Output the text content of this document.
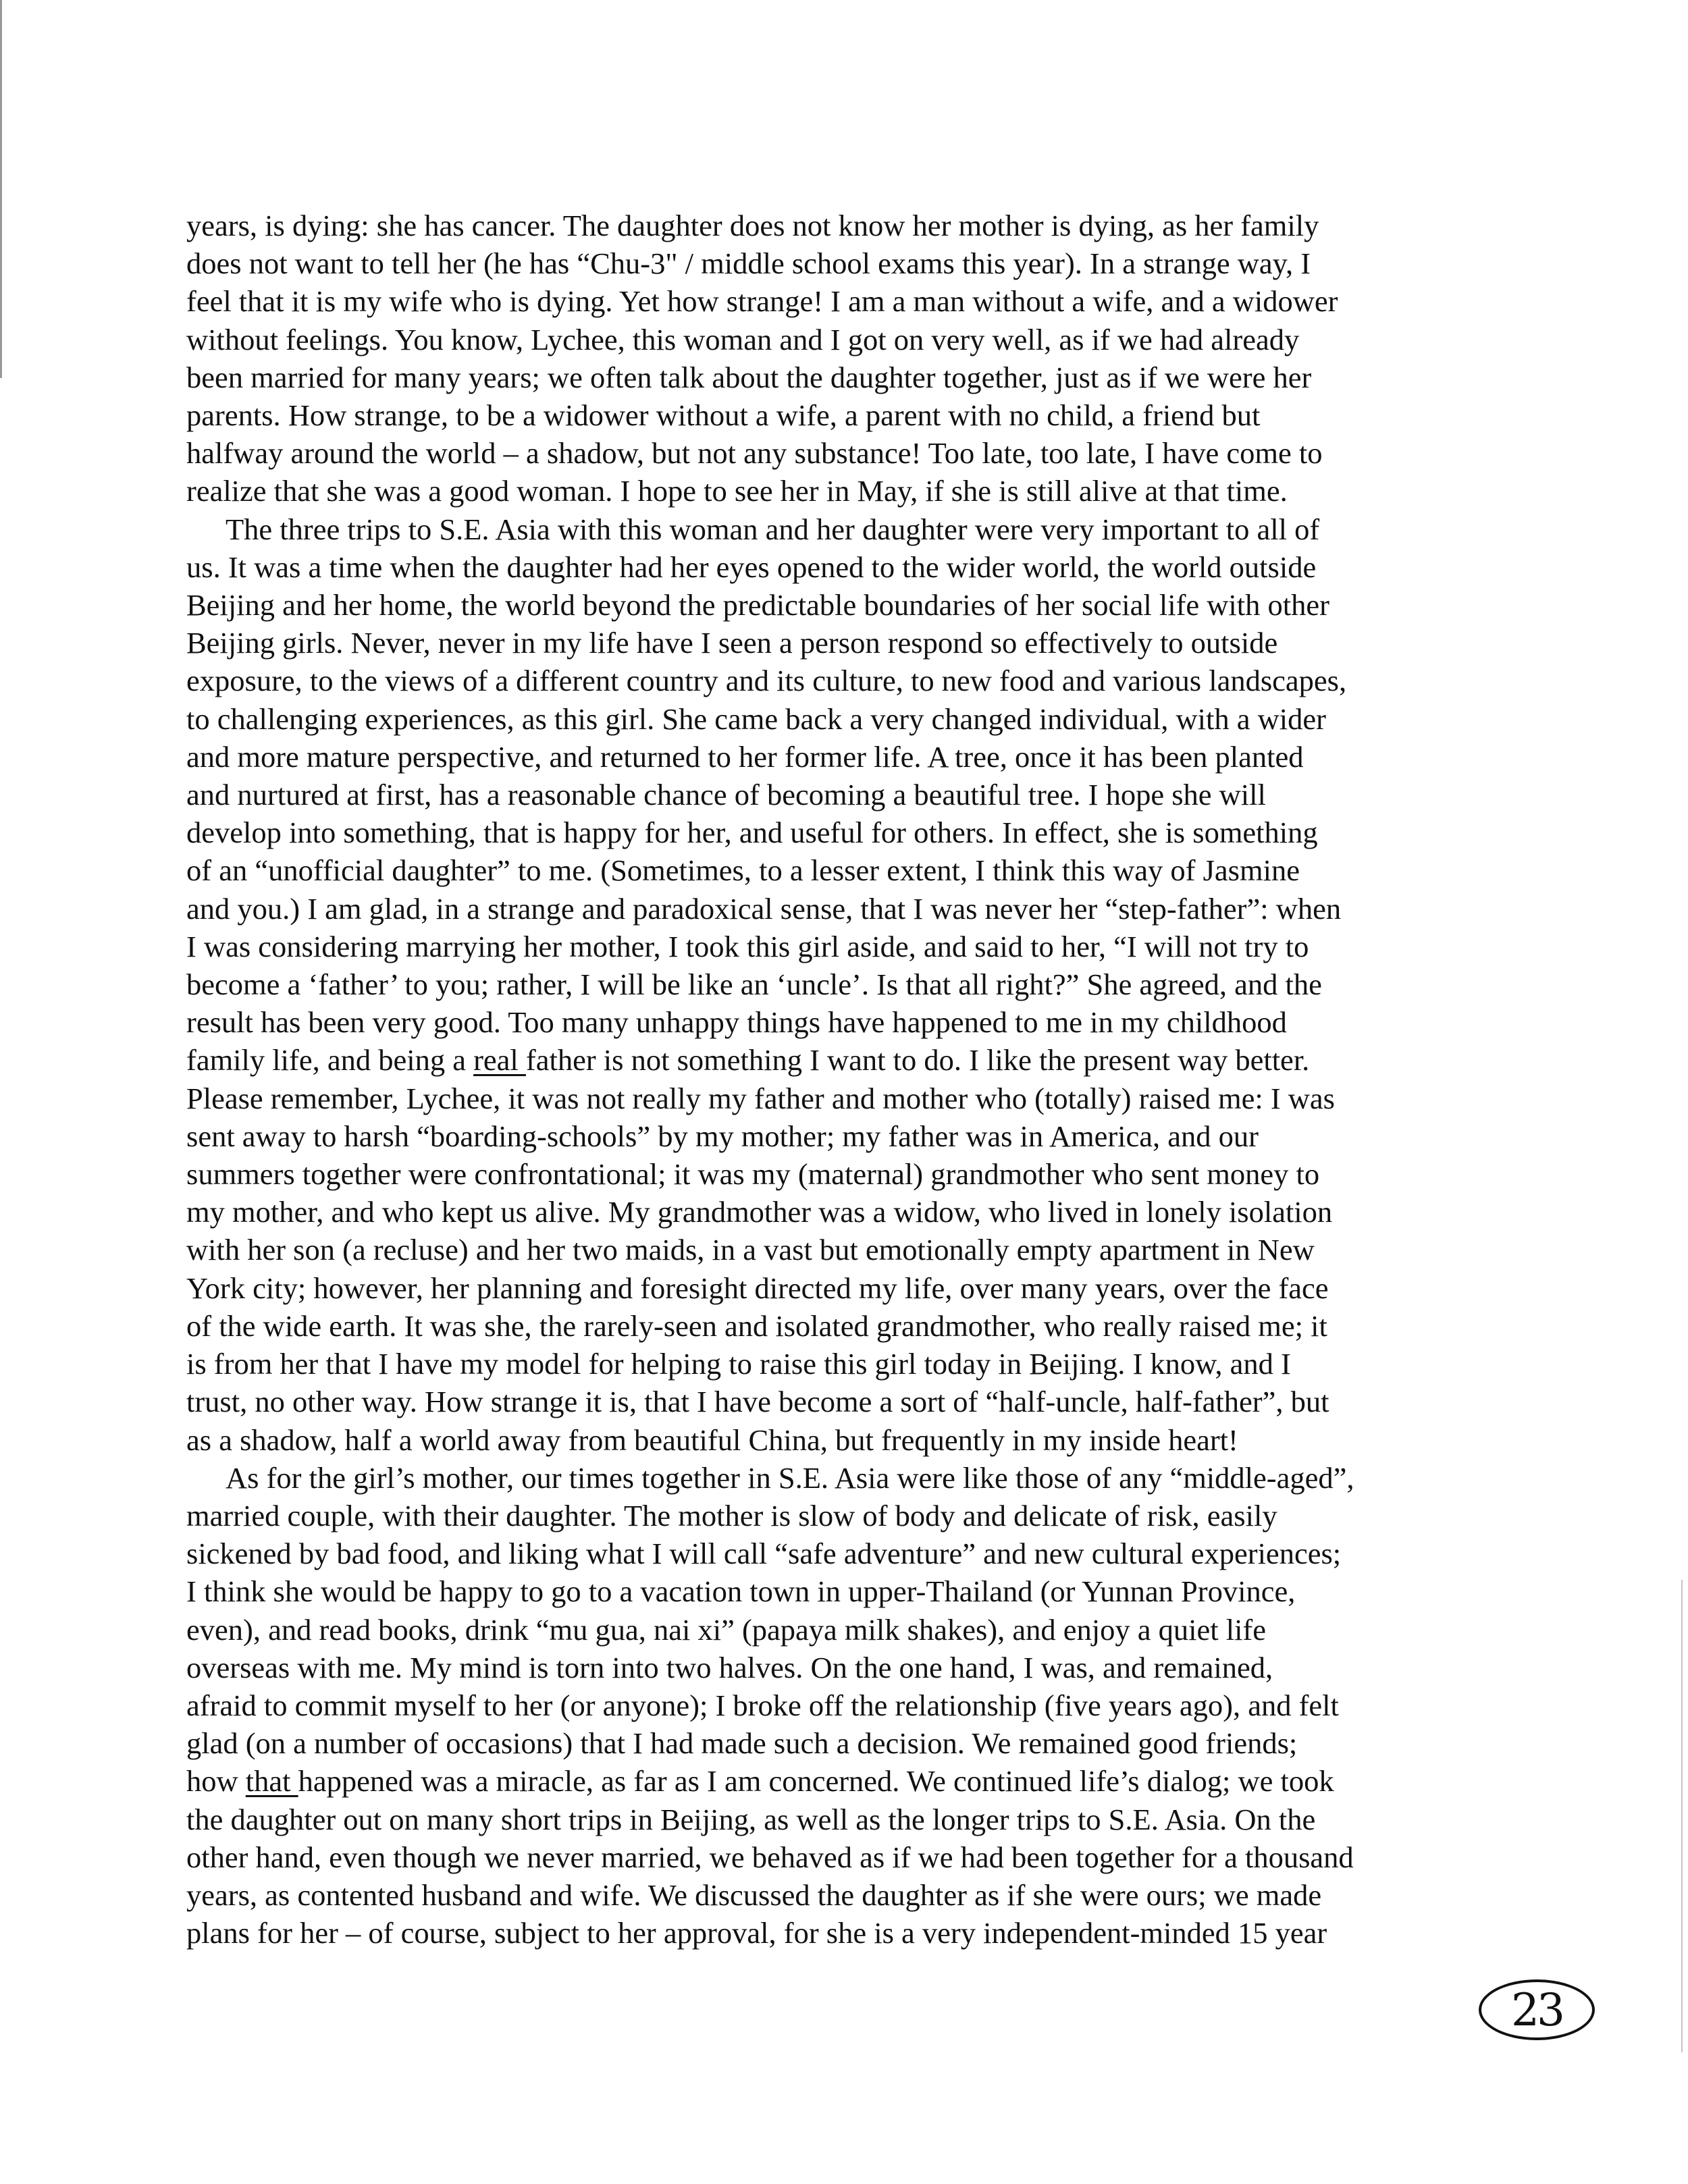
years, is dying: she has cancer. The daughter does not know her mother is dying, as her family
does not want to tell her (he has “Chu-3" / middle school exams this year). In a strange way, I
feel that it is my wife who is dying. Yet how strange! I am a man without a wife, and a widower
without feelings. You know, Lychee, this woman and I got on very well, as if we had already
been married for many years; we often talk about the daughter together, just as if we were her
parents. How strange, to be a widower without a wife, a parent with no child, a friend but
halfway around the world – a shadow, but not any substance! Too late, too late, I have come to
realize that she was a good woman. I hope to see her in May, if she is still alive at that time.
The three trips to S.E. Asia with this woman and her daughter were very important to all of
us. It was a time when the daughter had her eyes opened to the wider world, the world outside
Beijing and her home, the world beyond the predictable boundaries of her social life with other
Beijing girls. Never, never in my life have I seen a person respond so effectively to outside
exposure, to the views of a different country and its culture, to new food and various landscapes,
to challenging experiences, as this girl. She came back a very changed individual, with a wider
and more mature perspective, and returned to her former life. A tree, once it has been planted
and nurtured at first, has a reasonable chance of becoming a beautiful tree. I hope she will
develop into something, that is happy for her, and useful for others. In effect, she is something
of an “unofficial daughter” to me. (Sometimes, to a lesser extent, I think this way of Jasmine
and you.) I am glad, in a strange and paradoxical sense, that I was never her “step-father”: when
I was considering marrying her mother, I took this girl aside, and said to her, “I will not try to
become a ‘father’ to you; rather, I will be like an ‘uncle’. Is that all right?” She agreed, and the
result has been very good. Too many unhappy things have happened to me in my childhood
family life, and being a real father is not something I want to do. I like the present way better.
Please remember, Lychee, it was not really my father and mother who (totally) raised me: I was
sent away to harsh “boarding-schools” by my mother; my father was in America, and our
summers together were confrontational; it was my (maternal) grandmother who sent money to
my mother, and who kept us alive. My grandmother was a widow, who lived in lonely isolation
with her son (a recluse) and her two maids, in a vast but emotionally empty apartment in New
York city; however, her planning and foresight directed my life, over many years, over the face
of the wide earth. It was she, the rarely-seen and isolated grandmother, who really raised me; it
is from her that I have my model for helping to raise this girl today in Beijing. I know, and I
trust, no other way. How strange it is, that I have become a sort of “half-uncle, half-father”, but
as a shadow, half a world away from beautiful China, but frequently in my inside heart!
As for the girl’s mother, our times together in S.E. Asia were like those of any “middle-aged”,
married couple, with their daughter. The mother is slow of body and delicate of risk, easily
sickened by bad food, and liking what I will call “safe adventure” and new cultural experiences;
I think she would be happy to go to a vacation town in upper-Thailand (or Yunnan Province,
even), and read books, drink “mu gua, nai xi” (papaya milk shakes), and enjoy a quiet life
overseas with me. My mind is torn into two halves. On the one hand, I was, and remained,
afraid to commit myself to her (or anyone); I broke off the relationship (five years ago), and felt
glad (on a number of occasions) that I had made such a decision. We remained good friends;
how that happened was a miracle, as far as I am concerned. We continued life’s dialog; we took
the daughter out on many short trips in Beijing, as well as the longer trips to S.E. Asia. On the
other hand, even though we never married, we behaved as if we had been together for a thousand
years, as contented husband and wife. We discussed the daughter as if she were ours; we made
plans for her – of course, subject to her approval, for she is a very independent-minded 15 year
23
